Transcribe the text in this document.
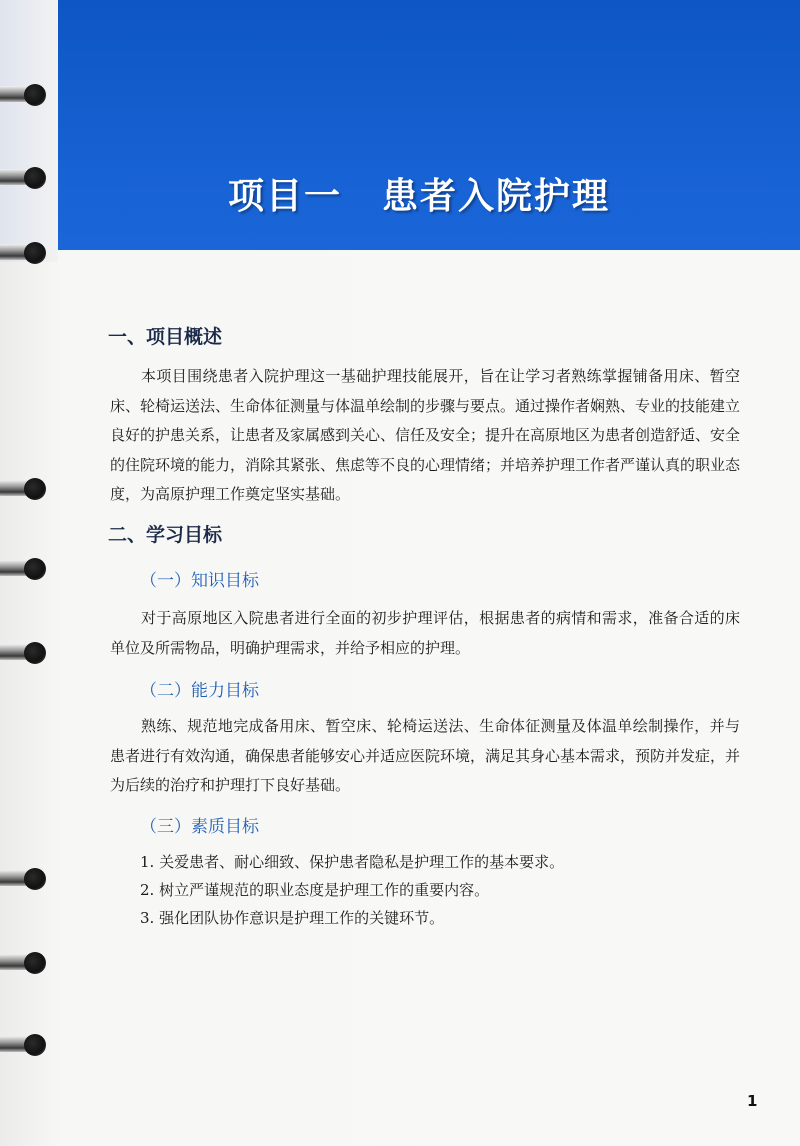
项目一 患者入院护理
一、项目概述
本项目围绕患者入院护理这一基础护理技能展开，旨在让学习者熟练掌握铺备用床、暂空床、轮椅运送法、生命体征测量与体温单绘制的步骤与要点。通过操作者娴熟、专业的技能建立良好的护患关系，让患者及家属感到关心、信任及安全；提升在高原地区为患者创造舒适、安全的住院环境的能力，消除其紧张、焦虑等不良的心理情绪；并培养护理工作者严谨认真的职业态度，为高原护理工作奠定坚实基础。
二、学习目标
（一）知识目标
对于高原地区入院患者进行全面的初步护理评估，根据患者的病情和需求，准备合适的床单位及所需物品，明确护理需求，并给予相应的护理。
（二）能力目标
熟练、规范地完成备用床、暂空床、轮椅运送法、生命体征测量及体温单绘制操作，并与患者进行有效沟通，确保患者能够安心并适应医院环境，满足其身心基本需求，预防并发症，并为后续的治疗和护理打下良好基础。
（三）素质目标
1. 关爱患者、耐心细致、保护患者隐私是护理工作的基本要求。
2. 树立严谨规范的职业态度是护理工作的重要内容。
3. 强化团队协作意识是护理工作的关键环节。
1
